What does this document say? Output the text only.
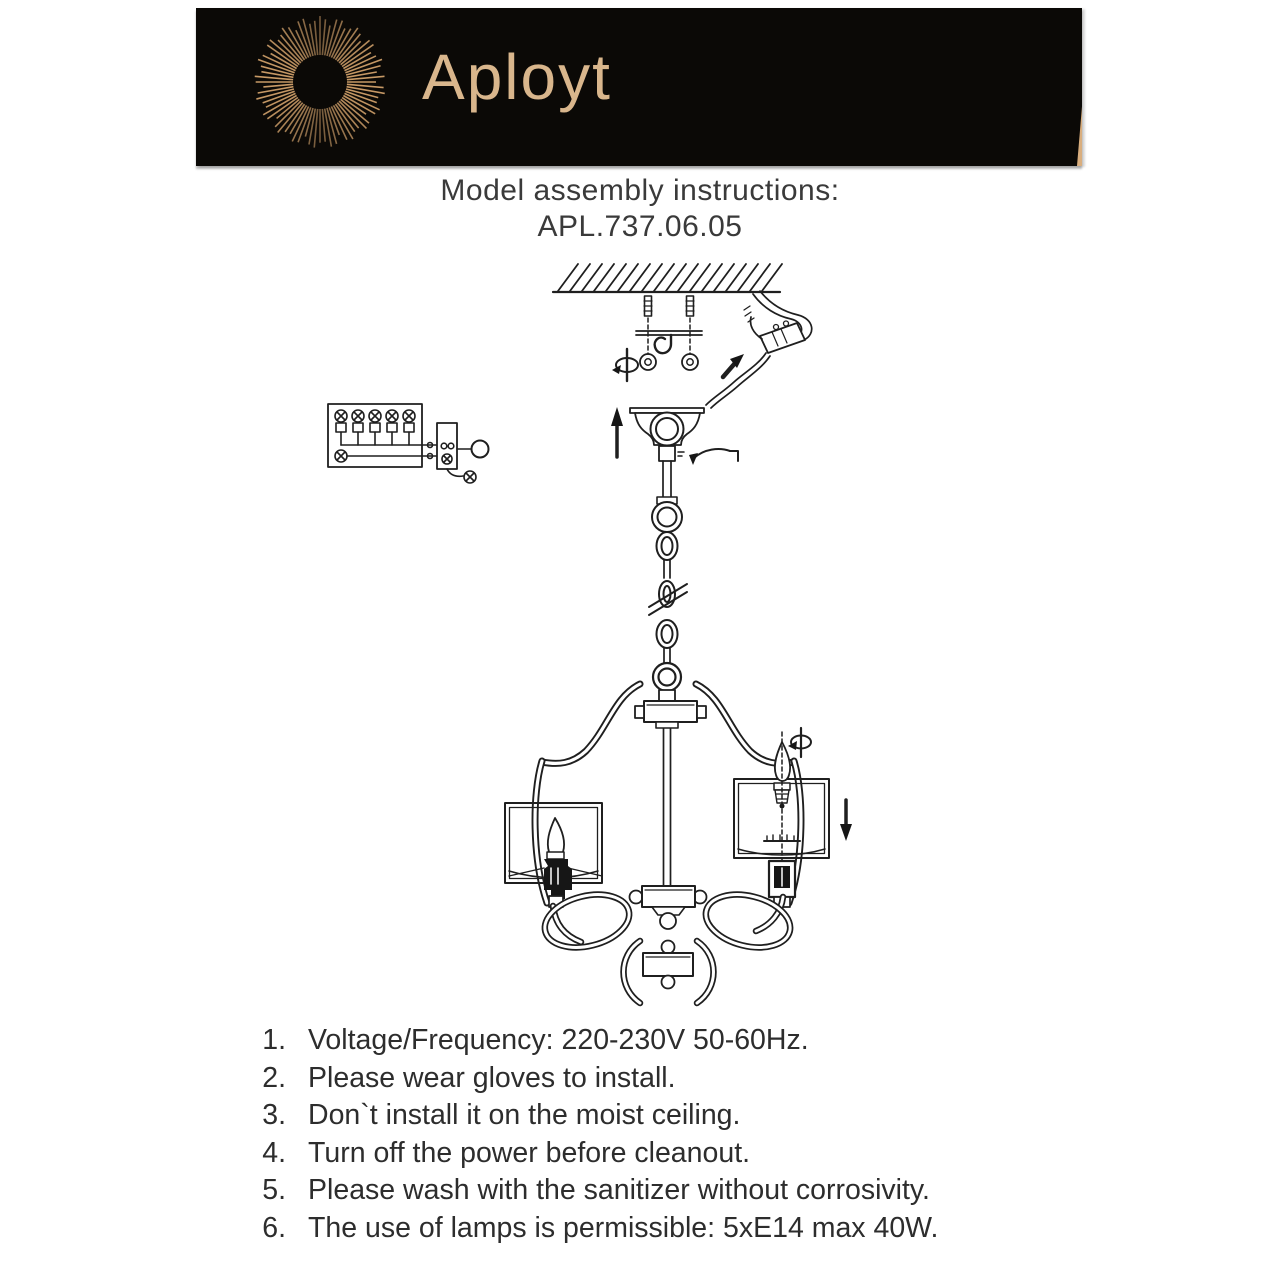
Aployt
Model assembly instructions:
APL.737.06.05
1. Voltage/Frequency: 220-230V 50-60Hz.
2. Please wear gloves to install.
3. Don`t install it on the moist ceiling.
4. Turn off the power before cleanout.
5. Please wash with the sanitizer without corrosivity.
6. The use of lamps is permissible: 5xE14 max 40W.
